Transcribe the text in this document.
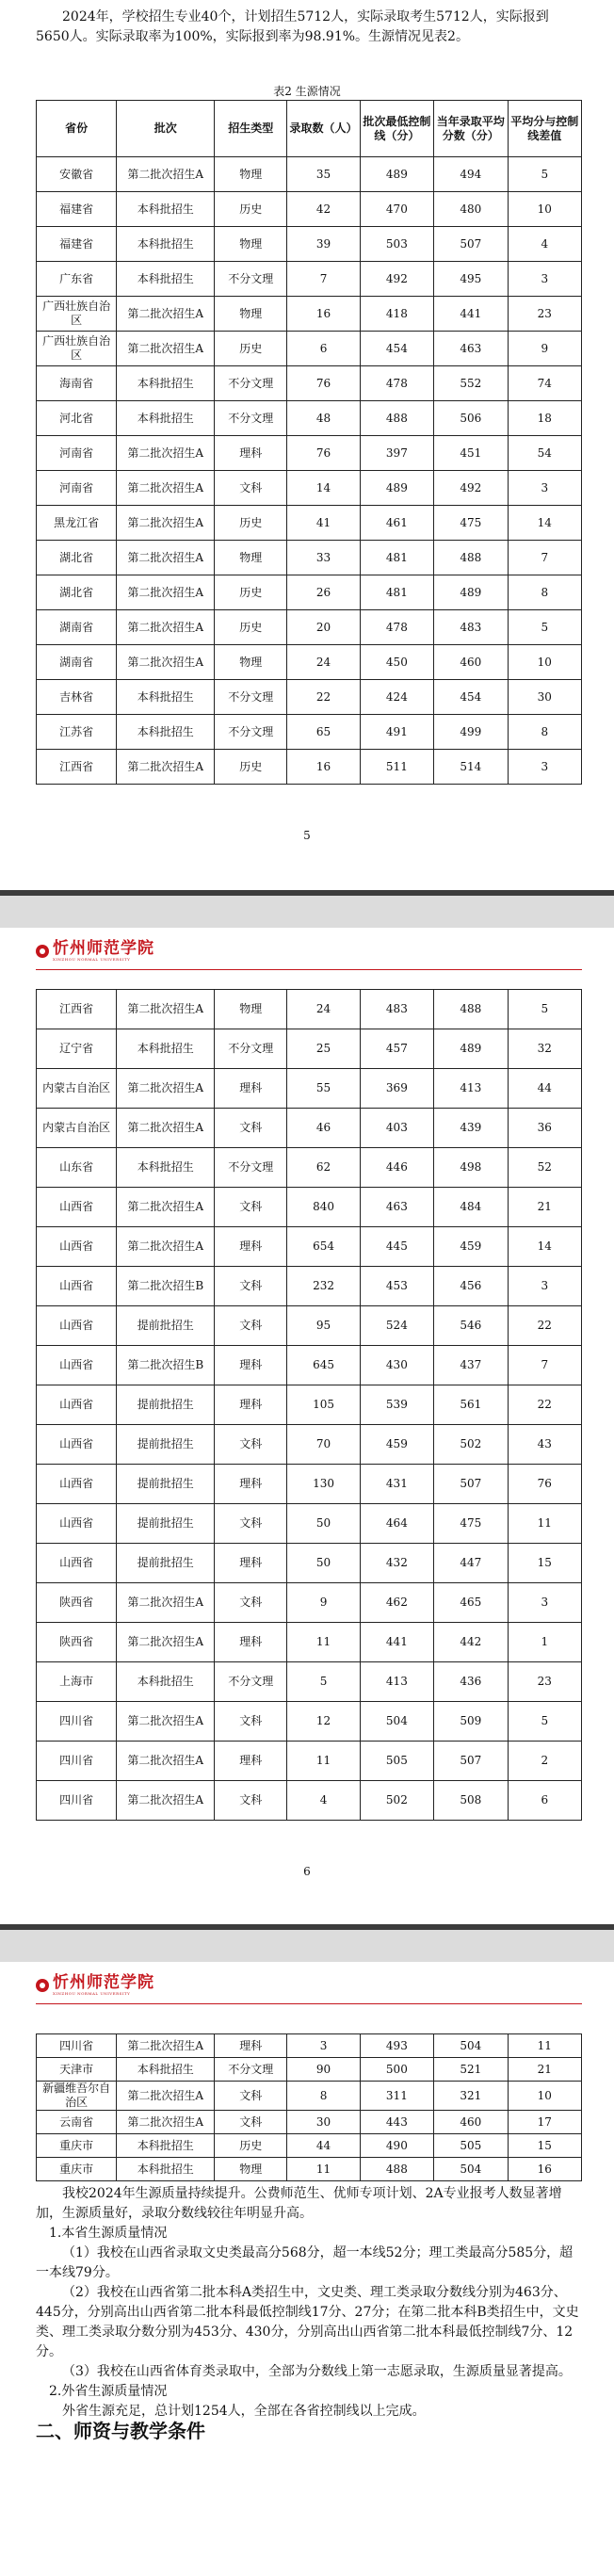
2024年，学校招生专业40个，计划招生5712人，实际录取考生5712人，实际报到5650人。实际录取率为100%，实际报到率为98.91%。生源情况见表2。

表2 生源情况
省份	批次	招生类型	录取数（人）	批次最低控制线（分）	当年录取平均分数（分）	平均分与控制线差值
安徽省	第二批次招生A	物理	35	489	494	5
福建省	本科批招生	历史	42	470	480	10
福建省	本科批招生	物理	39	503	507	4
广东省	本科批招生	不分文理	7	492	495	3
广西壮族自治区	第二批次招生A	物理	16	418	441	23
广西壮族自治区	第二批次招生A	历史	6	454	463	9
海南省	本科批招生	不分文理	76	478	552	74
河北省	本科批招生	不分文理	48	488	506	18
河南省	第二批次招生A	理科	76	397	451	54
河南省	第二批次招生A	文科	14	489	492	3
黑龙江省	第二批次招生A	历史	41	461	475	14
湖北省	第二批次招生A	物理	33	481	488	7
湖北省	第二批次招生A	历史	26	481	489	8
湖南省	第二批次招生A	历史	20	478	483	5
湖南省	第二批次招生A	物理	24	450	460	10
吉林省	本科批招生	不分文理	22	424	454	30
江苏省	本科批招生	不分文理	65	491	499	8
江西省	第二批次招生A	历史	16	511	514	3
5
忻州师范学院
XINZHOU NORMAL UNIVERSITY
江西省	第二批次招生A	物理	24	483	488	5
辽宁省	本科批招生	不分文理	25	457	489	32
内蒙古自治区	第二批次招生A	理科	55	369	413	44
内蒙古自治区	第二批次招生A	文科	46	403	439	36
山东省	本科批招生	不分文理	62	446	498	52
山西省	第二批次招生A	文科	840	463	484	21
山西省	第二批次招生A	理科	654	445	459	14
山西省	第二批次招生B	文科	232	453	456	3
山西省	提前批招生	文科	95	524	546	22
山西省	第二批次招生B	理科	645	430	437	7
山西省	提前批招生	理科	105	539	561	22
山西省	提前批招生	文科	70	459	502	43
山西省	提前批招生	理科	130	431	507	76
山西省	提前批招生	文科	50	464	475	11
山西省	提前批招生	理科	50	432	447	15
陕西省	第二批次招生A	文科	9	462	465	3
陕西省	第二批次招生A	理科	11	441	442	1
上海市	本科批招生	不分文理	5	413	436	23
四川省	第二批次招生A	文科	12	504	509	5
四川省	第二批次招生A	理科	11	505	507	2
四川省	第二批次招生A	文科	4	502	508	6
6
忻州师范学院
XINZHOU NORMAL UNIVERSITY
四川省	第二批次招生A	理科	3	493	504	11
天津市	本科批招生	不分文理	90	500	521	21
新疆维吾尔自治区	第二批次招生A	文科	8	311	321	10
云南省	第二批次招生A	文科	30	443	460	17
重庆市	本科批招生	历史	44	490	505	15
重庆市	本科批招生	物理	11	488	504	16

我校2024年生源质量持续提升。公费师范生、优师专项计划、2A专业报考人数显著增加，生源质量好，录取分数线较往年明显升高。

1.本省生源质量情况

（1）我校在山西省录取文史类最高分568分，超一本线52分；理工类最高分585分，超一本线79分。

（2）我校在山西省第二批本科A类招生中，文史类、理工类录取分数线分别为463分、445分，分别高出山西省第二批本科最低控制线17分、27分；在第二批本科B类招生中，文史类、理工类录取分数分别为453分、430分，分别高出山西省第二批本科最低控制线7分、12分。

（3）我校在山西省体育类录取中，全部为分数线上第一志愿录取，生源质量显著提高。

2.外省生源质量情况

外省生源充足，总计划1254人，全部在各省控制线以上完成。

二、师资与教学条件
